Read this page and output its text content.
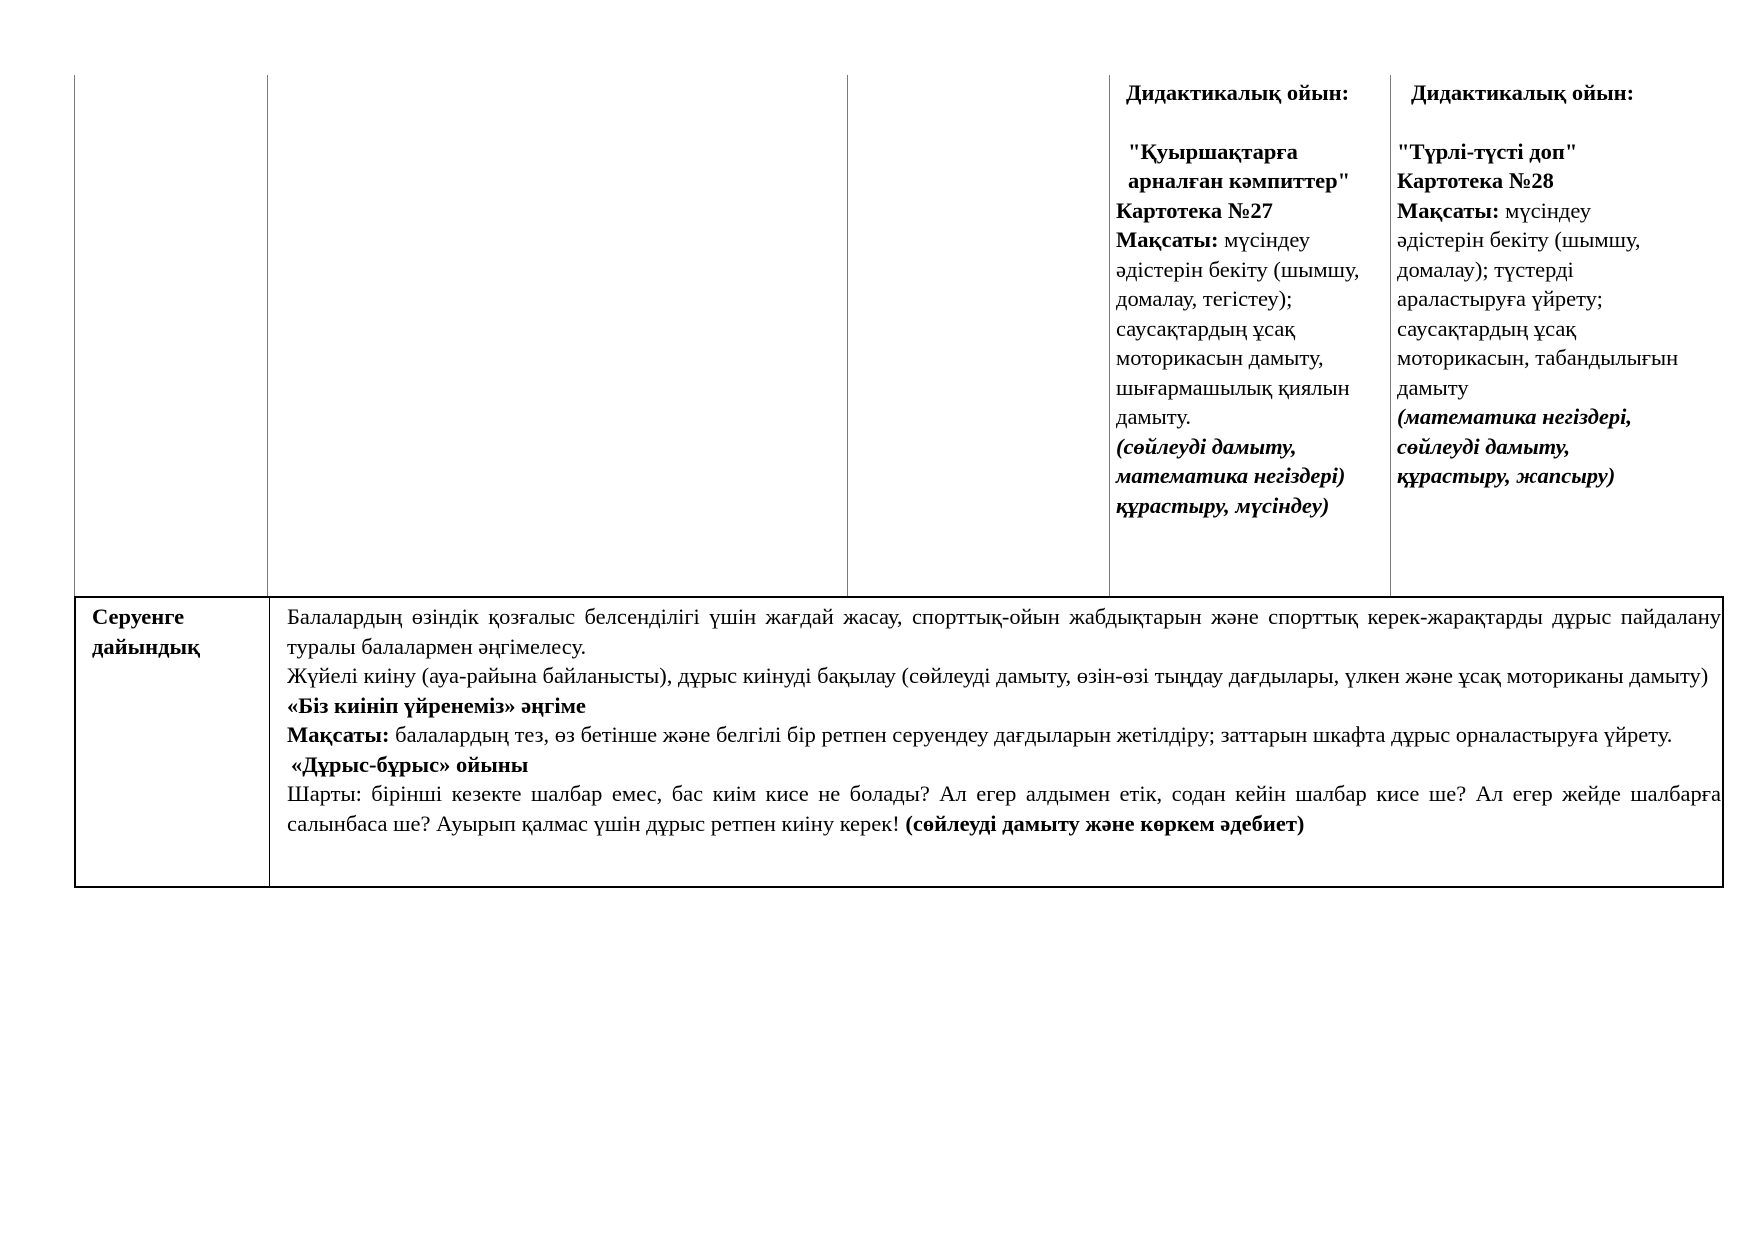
Дидактикалық ойын:

"Қуыршақтарға арналған кәмпиттер"

Картотека №27

Мақсаты: мүсіндеу әдістерін бекіту (шымшу, домалау, тегістеу); саусақтардың ұсақ моторикасын дамыту, шығармашылық қиялын дамыту.

(сөйлеуді дамыту, математика негіздері) құрастыру, мүсіндеу)

Дидактикалық ойын:

"Түрлі-түсті доп"

Картотека №28

Мақсаты: мүсіндеу әдістерін бекіту (шымшу, домалау); түстерді араластыруға үйрету; саусақтардың ұсақ моторикасын, табандылығын дамыту

(математика негіздері, сөйлеуді дамыту, құрастыру, жапсыру)

Серуенге дайындық

Балалардың өзіндік қозғалыс белсенділігі үшін жағдай жасау, спорттық-ойын жабдықтарын және спорттық керек-жарақтарды дұрыс пайдалану туралы балалармен әңгімелесу.

Жүйелі киіну (ауа-райына байланысты), дұрыс киінуді бақылау (сөйлеуді дамыту, өзін-өзі тыңдау дағдылары, үлкен және ұсақ моториканы дамыту)

«Біз киініп үйренеміз» әңгіме

Мақсаты: балалардың тез, өз бетінше және белгілі бір ретпен серуендеу дағдыларын жетілдіру; заттарын шкафта дұрыс орналастыруға үйрету.

«Дұрыс-бұрыс» ойыны

Шарты: бірінші кезекте шалбар емес, бас киім кисе не болады? Ал егер алдымен етік, содан кейін шалбар кисе ше? Ал егер жейде шалбарға салынбаса ше? Ауырып қалмас үшін дұрыс ретпен киіну керек! (сөйлеуді дамыту және көркем әдебиет)
